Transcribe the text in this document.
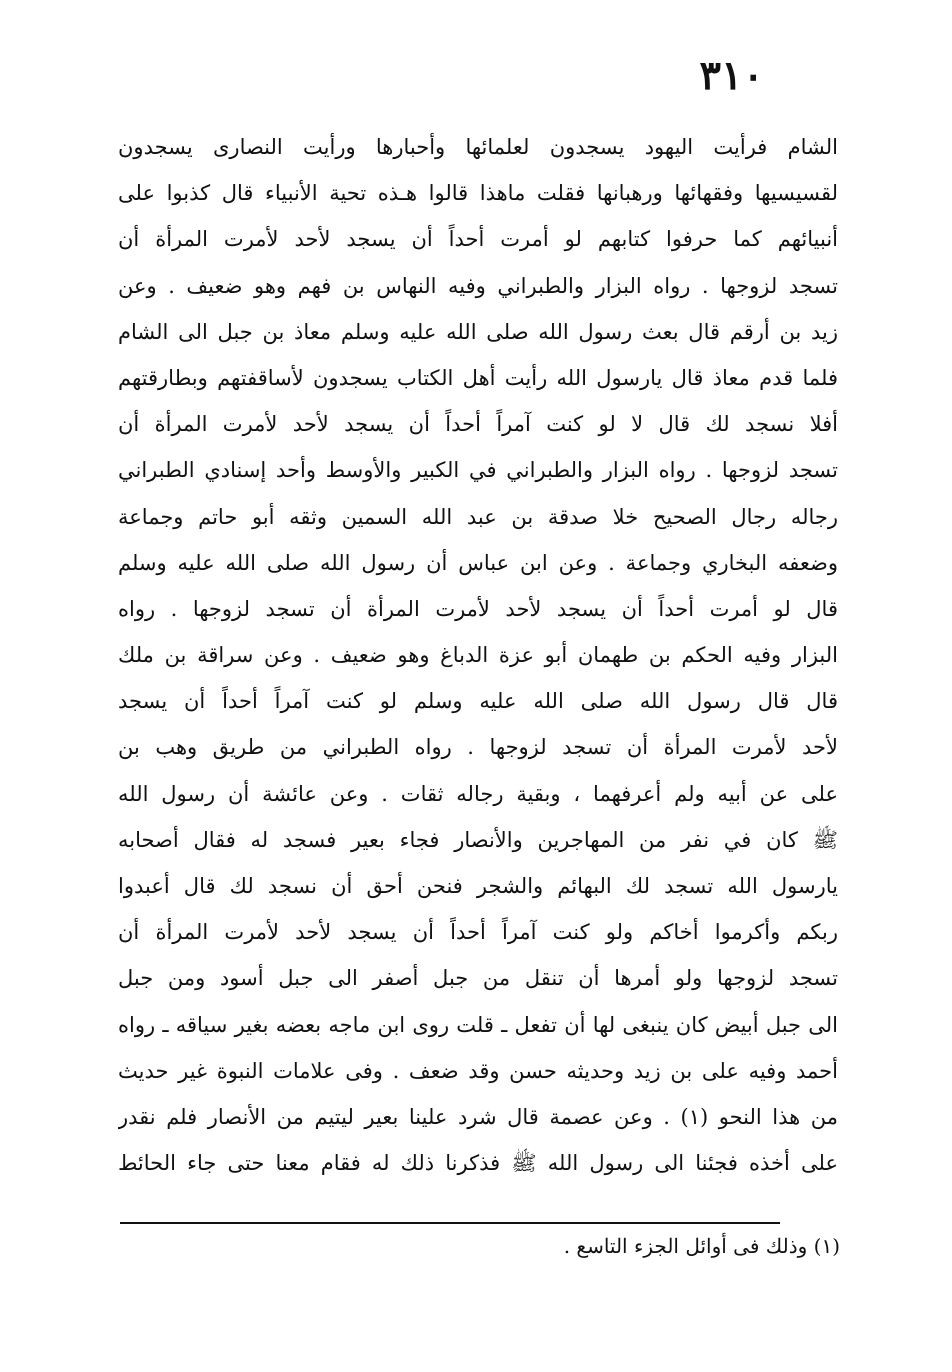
٣١٠
الشام فرأيت اليهود يسجدون لعلمائها وأحبارها ورأيت النصارى يسجدون
لقسيسيها وفقهائها ورهبانها فقلت ماهذا قالوا هـذه تحية الأنبياء قال كذبوا على
أنبيائهم كما حرفوا كتابهم لو أمرت أحداً أن يسجد لأحد لأمرت المرأة أن
تسجد لزوجها . رواه البزار والطبراني وفيه النهاس بن فهم وهو ضعيف . وعن
زيد بن أرقم قال بعث رسول الله صلى الله عليه وسلم معاذ بن جبل الى الشام
فلما قدم معاذ قال يارسول الله رأيت أهل الكتاب يسجدون لأساقفتهم وبطارقتهم
أفلا نسجد لك قال لا لو كنت آمراً أحداً أن يسجد لأحد لأمرت المرأة أن
تسجد لزوجها . رواه البزار والطبراني في الكبير والأوسط وأحد إسنادي الطبراني
رجاله رجال الصحيح خلا صدقة بن عبد الله السمين وثقه أبو حاتم وجماعة
وضعفه البخاري وجماعة . وعن ابن عباس أن رسول الله صلى الله عليه وسلم
قال لو أمرت أحداً أن يسجد لأحد لأمرت المرأة أن تسجد لزوجها . رواه
البزار وفيه الحكم بن طهمان أبو عزة الدباغ وهو ضعيف . وعن سراقة بن ملك
قال قال رسول الله صلى الله عليه وسلم لو كنت آمراً أحداً أن يسجد
لأحد لأمرت المرأة أن تسجد لزوجها . رواه الطبراني من طريق وهب بن
على عن أبيه ولم أعرفهما ، وبقية رجاله ثقات . وعن عائشة أن رسول الله
ﷺ كان في نفر من المهاجرين والأنصار فجاء بعير فسجد له فقال أصحابه
يارسول الله تسجد لك البهائم والشجر فنحن أحق أن نسجد لك قال أعبدوا
ربكم وأكرموا أخاكم ولو كنت آمراً أحداً أن يسجد لأحد لأمرت المرأة أن
تسجد لزوجها ولو أمرها أن تنقل من جبل أصفر الى جبل أسود ومن جبل
الى جبل أبيض كان ينبغى لها أن تفعل ـ قلت روى ابن ماجه بعضه بغير سياقه ـ رواه
أحمد وفيه على بن زيد وحديثه حسن وقد ضعف . وفى علامات النبوة غير حديث
من هذا النحو (١) . وعن عصمة قال شرد علينا بعير ليتيم من الأنصار فلم نقدر
على أخذه فجئنا الى رسول الله ﷺ فذكرنا ذلك له فقام معنا حتى جاء الحائط
(١) وذلك فى أوائل الجزء التاسع .
